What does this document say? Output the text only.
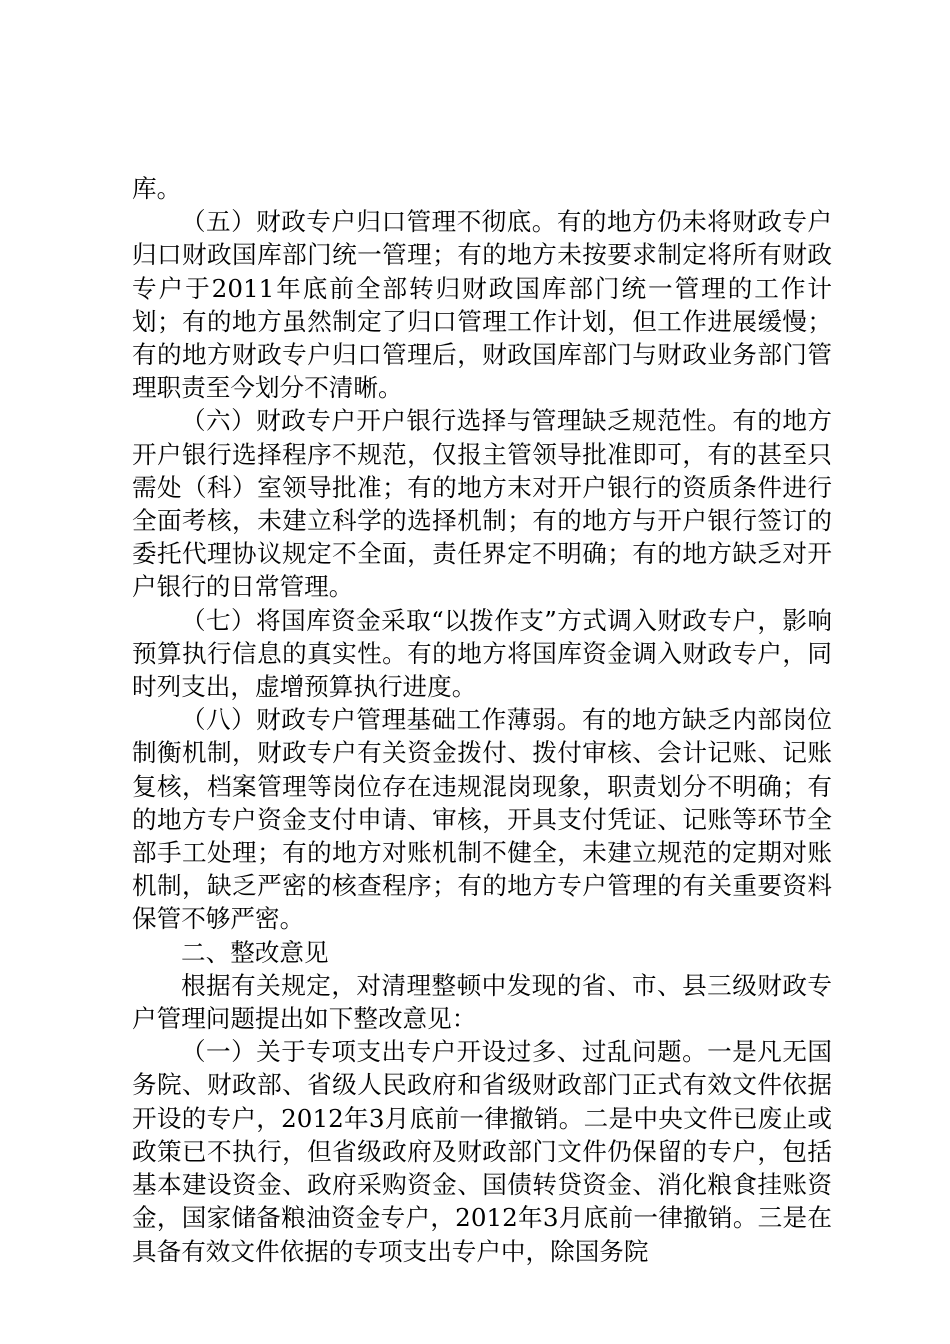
库。

（五）财政专户归口管理不彻底。有的地方仍未将财政专户归口财政国库部门统一管理；有的地方未按要求制定将所有财政专户于2011年底前全部转归财政国库部门统一管理的工作计划；有的地方虽然制定了归口管理工作计划，但工作进展缓慢；有的地方财政专户归口管理后，财政国库部门与财政业务部门管理职责至今划分不清晰。

（六）财政专户开户银行选择与管理缺乏规范性。有的地方开户银行选择程序不规范，仅报主管领导批准即可，有的甚至只需处（科）室领导批准；有的地方末对开户银行的资质条件进行全面考核，未建立科学的选择机制；有的地方与开户银行签订的委托代理协议规定不全面，责任界定不明确；有的地方缺乏对开户银行的日常管理。

（七）将国库资金采取“以拨作支”方式调入财政专户，影响预算执行信息的真实性。有的地方将国库资金调入财政专户，同时列支出，虚增预算执行进度。

（八）财政专户管理基础工作薄弱。有的地方缺乏内部岗位制衡机制，财政专户有关资金拨付、拨付审核、会计记账、记账复核，档案管理等岗位存在违规混岗现象，职责划分不明确；有的地方专户资金支付申请、审核，开具支付凭证、记账等环节全部手工处理；有的地方对账机制不健全，未建立规范的定期对账机制，缺乏严密的核查程序；有的地方专户管理的有关重要资料保管不够严密。

二、整改意见

根据有关规定，对清理整顿中发现的省、市、县三级财政专户管理问题提出如下整改意见：

（一）关于专项支出专户开设过多、过乱问题。一是凡无国务院、财政部、省级人民政府和省级财政部门正式有效文件依据开设的专户，2012年3月底前一律撤销。二是中央文件已废止或政策已不执行，但省级政府及财政部门文件仍保留的专户，包括基本建设资金、政府采购资金、国债转贷资金、消化粮食挂账资金，国家储备粮油资金专户，2012年3月底前一律撤销。三是在具备有效文件依据的专项支出专户中，除国务院
